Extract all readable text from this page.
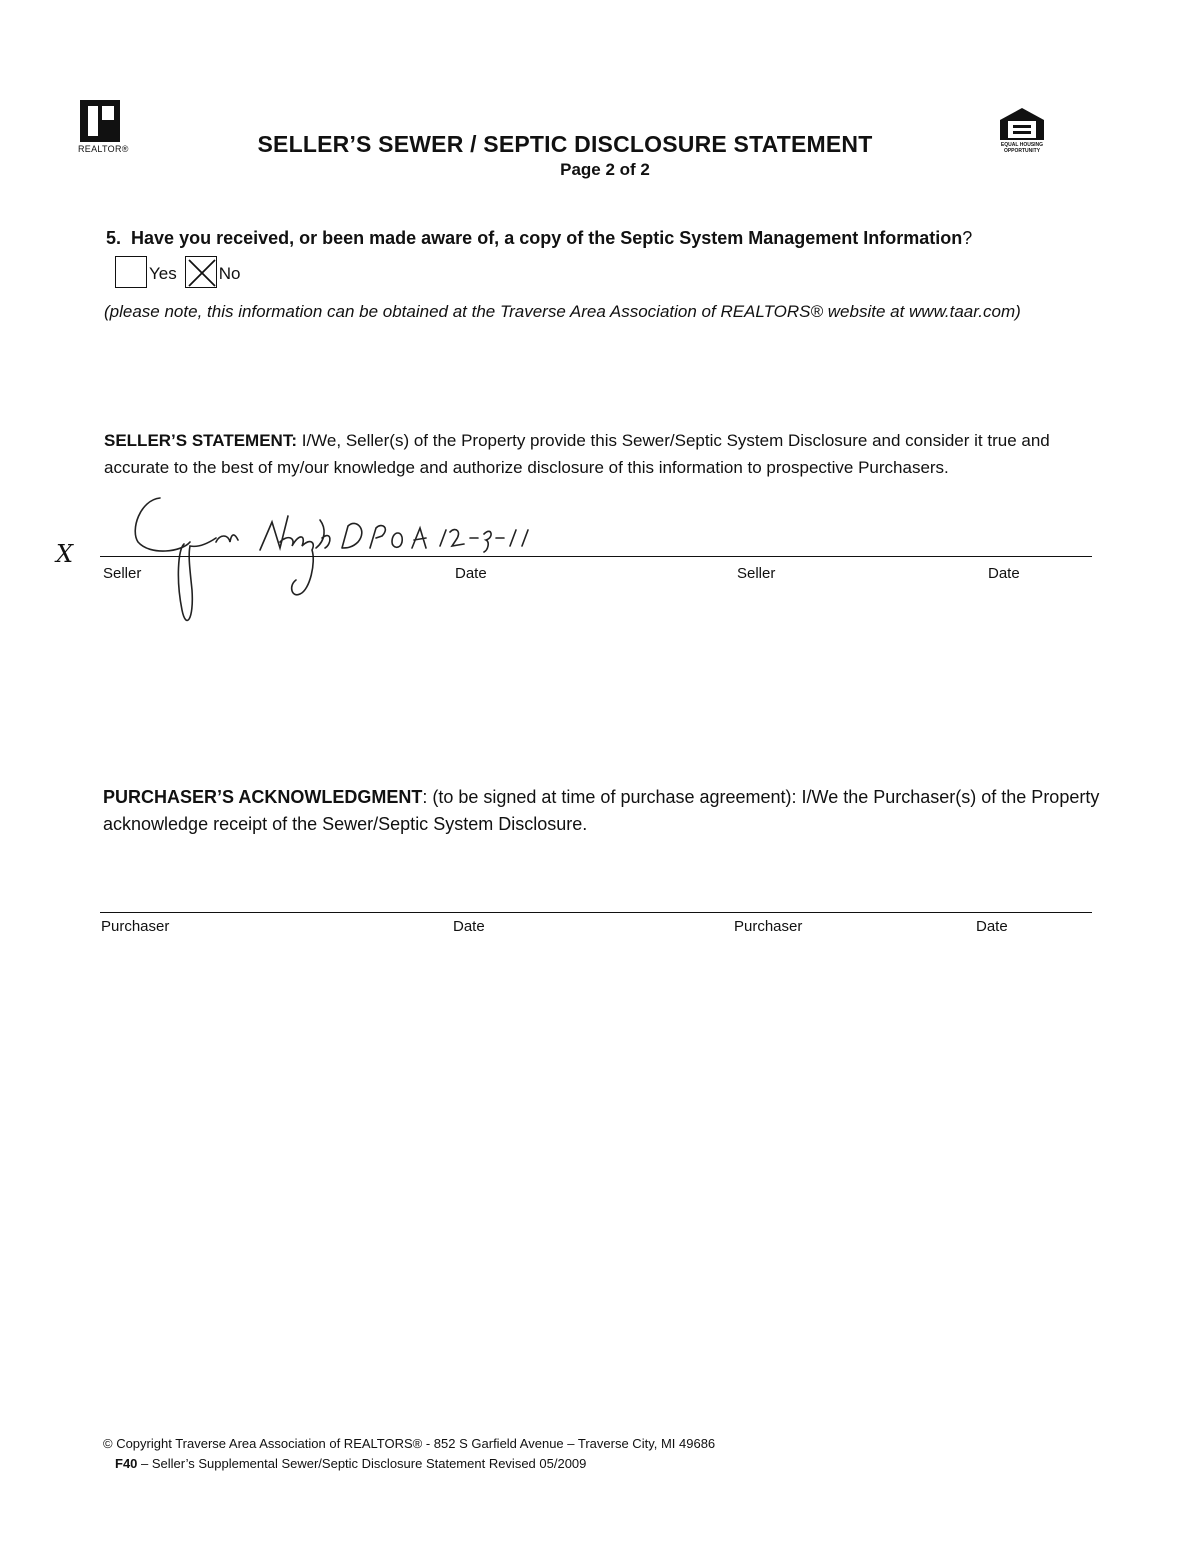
REALTOR®	EQUAL HOUSING
OPPORTUNITY
SELLER’S SEWER / SEPTIC DISCLOSURE STATEMENT
Page 2 of 2
5. Have you received, or been made aware of, a copy of the Septic System Management Information?
Yes No
(please note, this information can be obtained at the Traverse Area Association of REALTORS® website at www.taar.com)
SELLER’S STATEMENT: I/We, Seller(s) of the Property provide this Sewer/Septic System Disclosure and consider it true and accurate to the best of my/our knowledge and authorize disclosure of this information to prospective Purchasers.
X
Seller	Date	Seller	Date
PURCHASER’S ACKNOWLEDGMENT: (to be signed at time of purchase agreement): I/We the Purchaser(s) of the Property acknowledge receipt of the Sewer/Septic System Disclosure.
Purchaser	Date	Purchaser	Date
© Copyright Traverse Area Association of REALTORS® - 852 S Garfield Avenue – Traverse City, MI 49686
F40 – Seller’s Supplemental Sewer/Septic Disclosure Statement Revised 05/2009
